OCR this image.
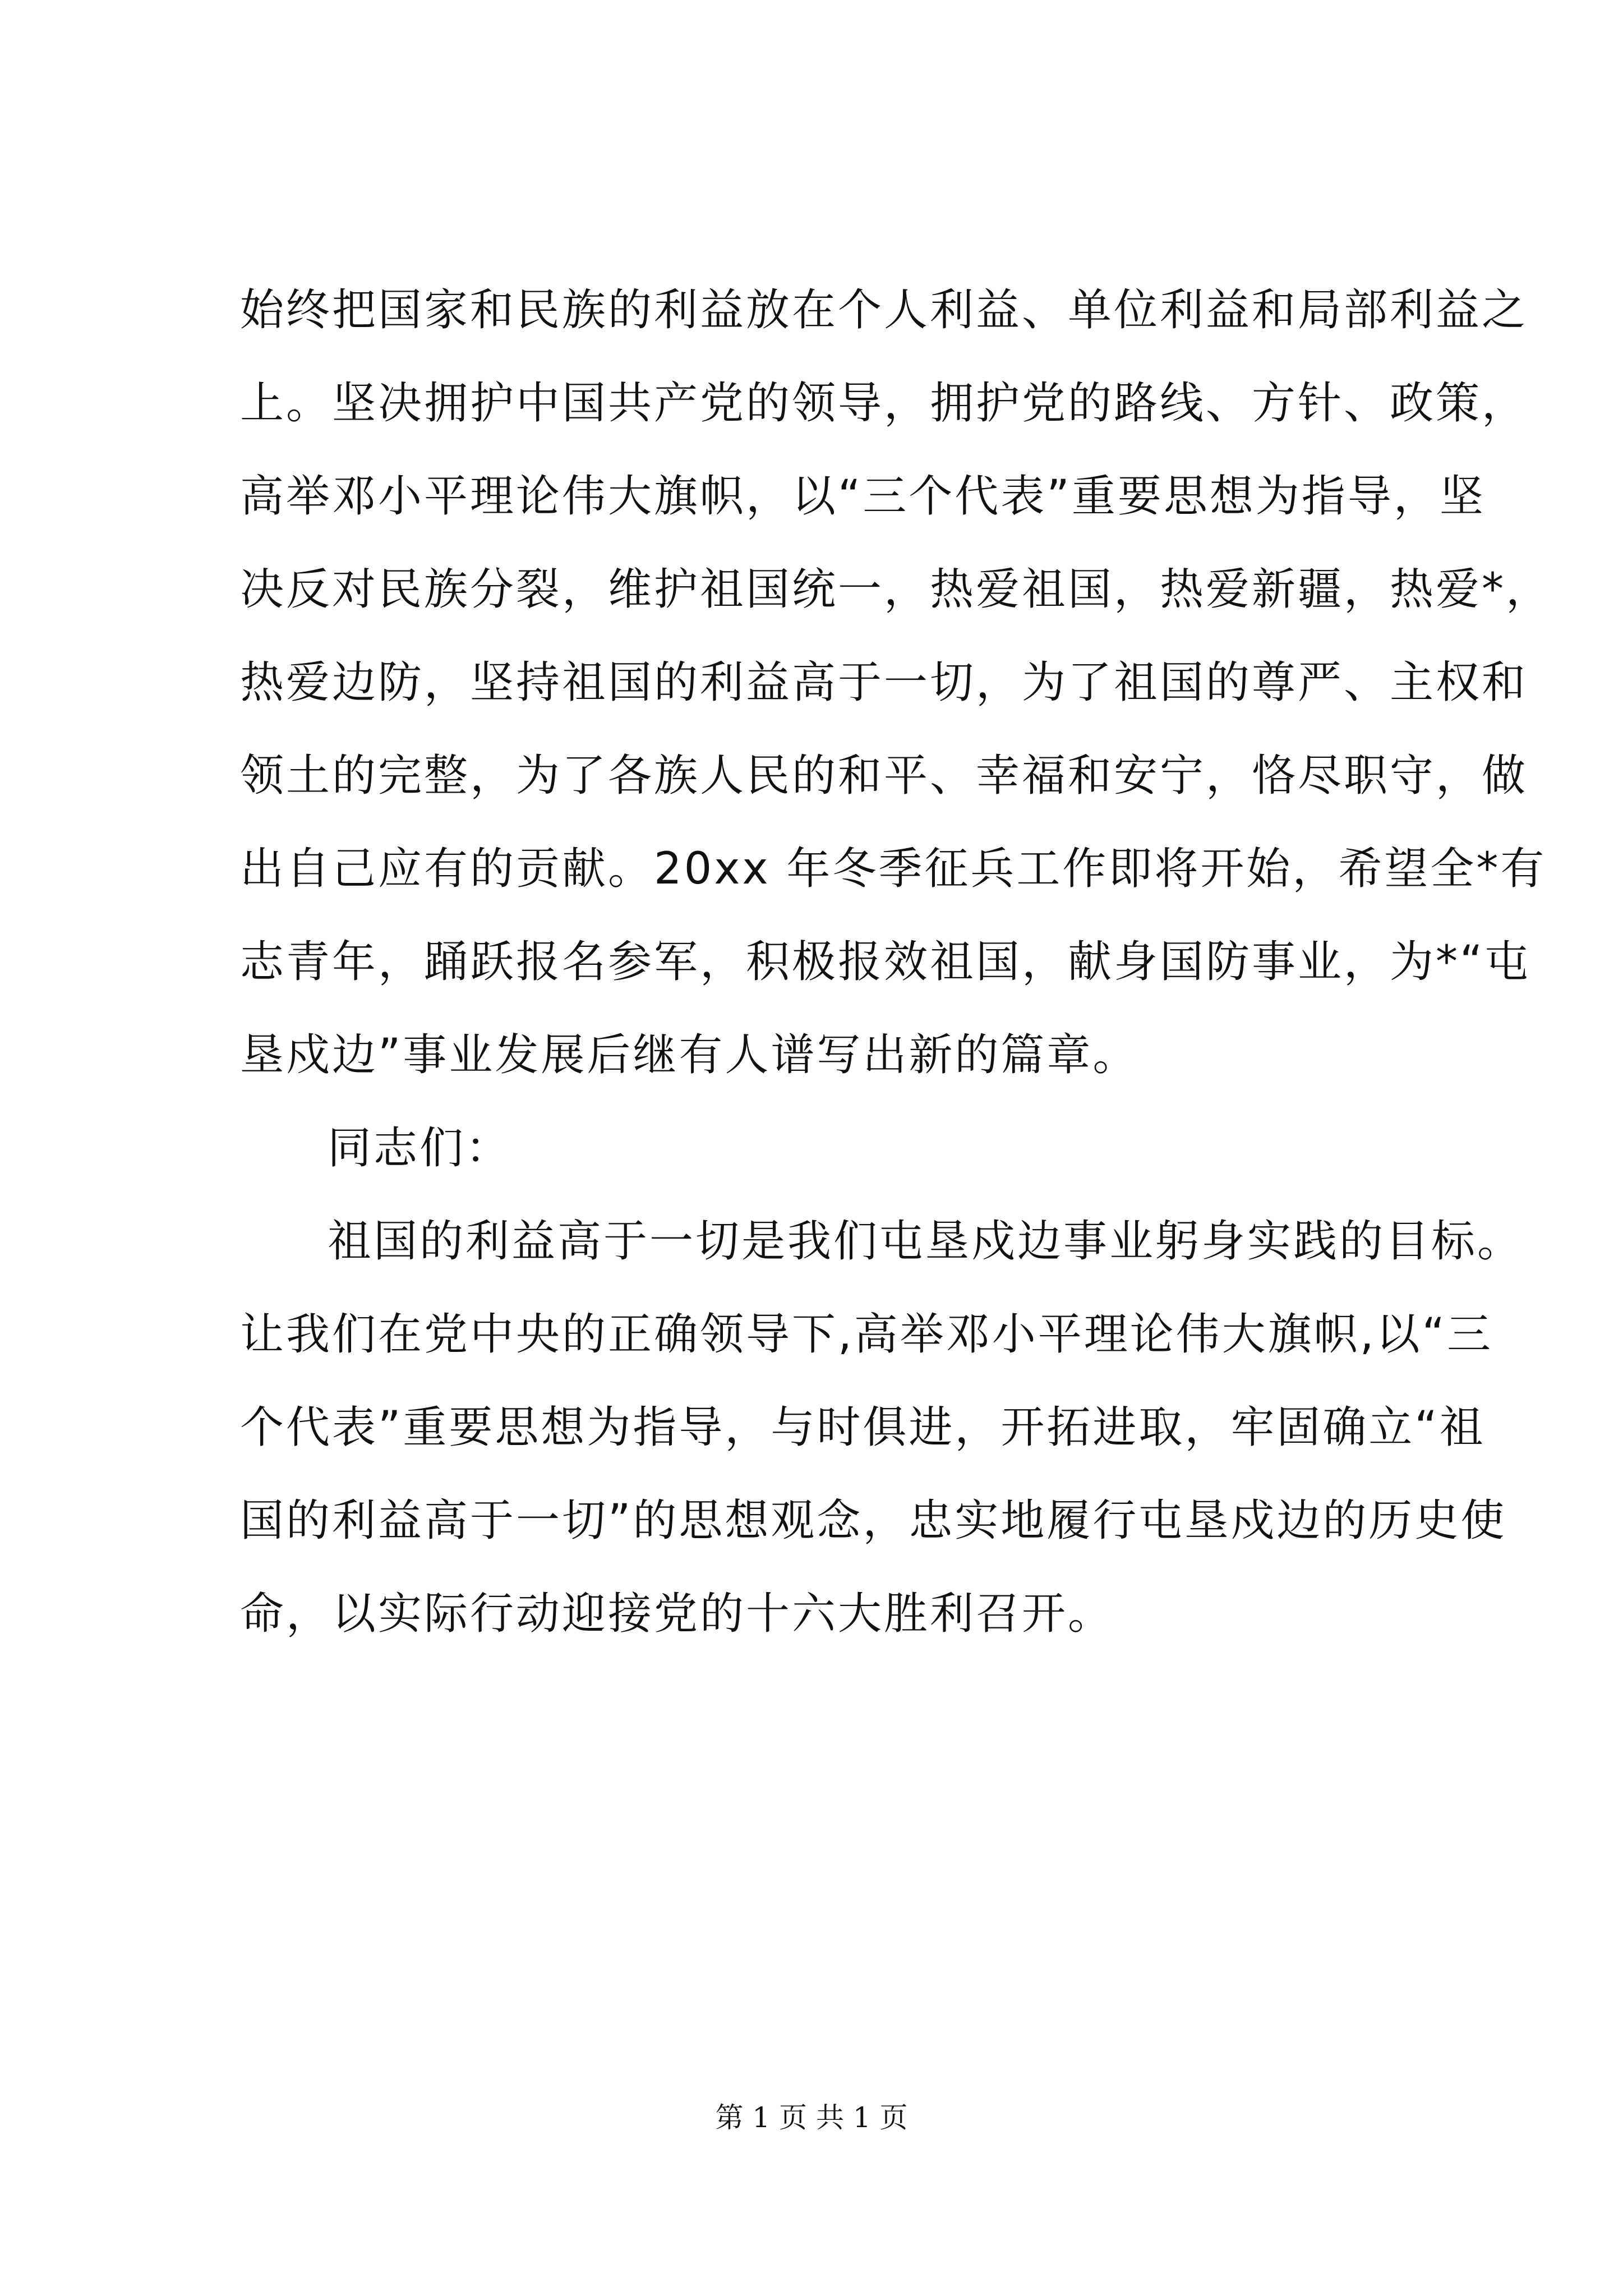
始终把国家和民族的利益放在个人利益、单位利益和局部利益之
上。坚决拥护中国共产党的领导，拥护党的路线、方针、政策，
高举邓小平理论伟大旗帜，以“三个代表”重要思想为指导，坚
决反对民族分裂，维护祖国统一，热爱祖国，热爱新疆，热爱*，
热爱边防，坚持祖国的利益高于一切，为了祖国的尊严、主权和
领土的完整，为了各族人民的和平、幸福和安宁，恪尽职守，做
出自己应有的贡献。20xx 年冬季征兵工作即将开始，希望全*有
志青年，踊跃报名参军，积极报效祖国，献身国防事业，为*“屯
垦戍边”事业发展后继有人谱写出新的篇章。
同志们：
祖国的利益高于一切是我们屯垦戍边事业躬身实践的目标。
让我们在党中央的正确领导下,高举邓小平理论伟大旗帜,以“三
个代表”重要思想为指导，与时俱进，开拓进取，牢固确立“祖
国的利益高于一切”的思想观念，忠实地履行屯垦戍边的历史使
命，以实际行动迎接党的十六大胜利召开。
第 1 页 共 1 页
